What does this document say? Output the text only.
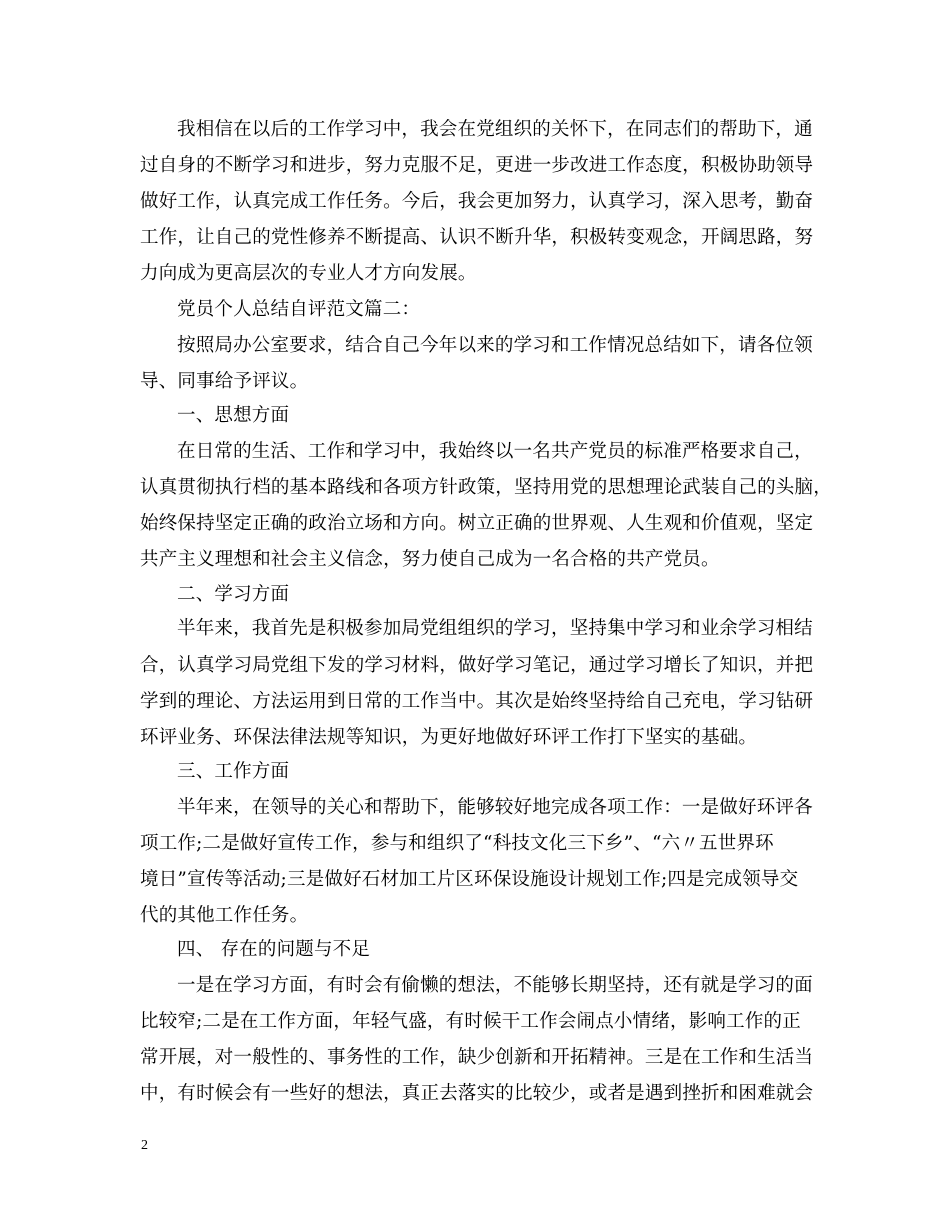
我相信在以后的工作学习中，我会在党组织的关怀下，在同志们的帮助下，通
过自身的不断学习和进步，努力克服不足，更进一步改进工作态度，积极协助领导
做好工作，认真完成工作任务。今后，我会更加努力，认真学习，深入思考，勤奋
工作，让自己的党性修养不断提高、认识不断升华，积极转变观念，开阔思路，努
力向成为更高层次的专业人才方向发展。
党员个人总结自评范文篇二：
按照局办公室要求，结合自己今年以来的学习和工作情况总结如下，请各位领
导、同事给予评议。
一、思想方面
在日常的生活、工作和学习中，我始终以一名共产党员的标准严格要求自己，
认真贯彻执行档的基本路线和各项方针政策，坚持用党的思想理论武装自己的头脑，
始终保持坚定正确的政治立场和方向。树立正确的世界观、人生观和价值观，坚定
共产主义理想和社会主义信念，努力使自己成为一名合格的共产党员。
二、学习方面
半年来，我首先是积极参加局党组组织的学习，坚持集中学习和业余学习相结
合，认真学习局党组下发的学习材料，做好学习笔记，通过学习增长了知识，并把
学到的理论、方法运用到日常的工作当中。其次是始终坚持给自己充电，学习钻研
环评业务、环保法律法规等知识，为更好地做好环评工作打下坚实的基础。
三、工作方面
半年来，在领导的关心和帮助下，能够较好地完成各项工作：一是做好环评各
项工作;二是做好宣传工作，参与和组织了“科技文化三下乡”、“六〃五世界环
境日”宣传等活动;三是做好石材加工片区环保设施设计规划工作;四是完成领导交
代的其他工作任务。
四、 存在的问题与不足
一是在学习方面，有时会有偷懒的想法，不能够长期坚持，还有就是学习的面
比较窄;二是在工作方面，年轻气盛，有时候干工作会闹点小情绪，影响工作的正
常开展，对一般性的、事务性的工作，缺少创新和开拓精神。三是在工作和生活当
中，有时候会有一些好的想法，真正去落实的比较少，或者是遇到挫折和困难就会
2
